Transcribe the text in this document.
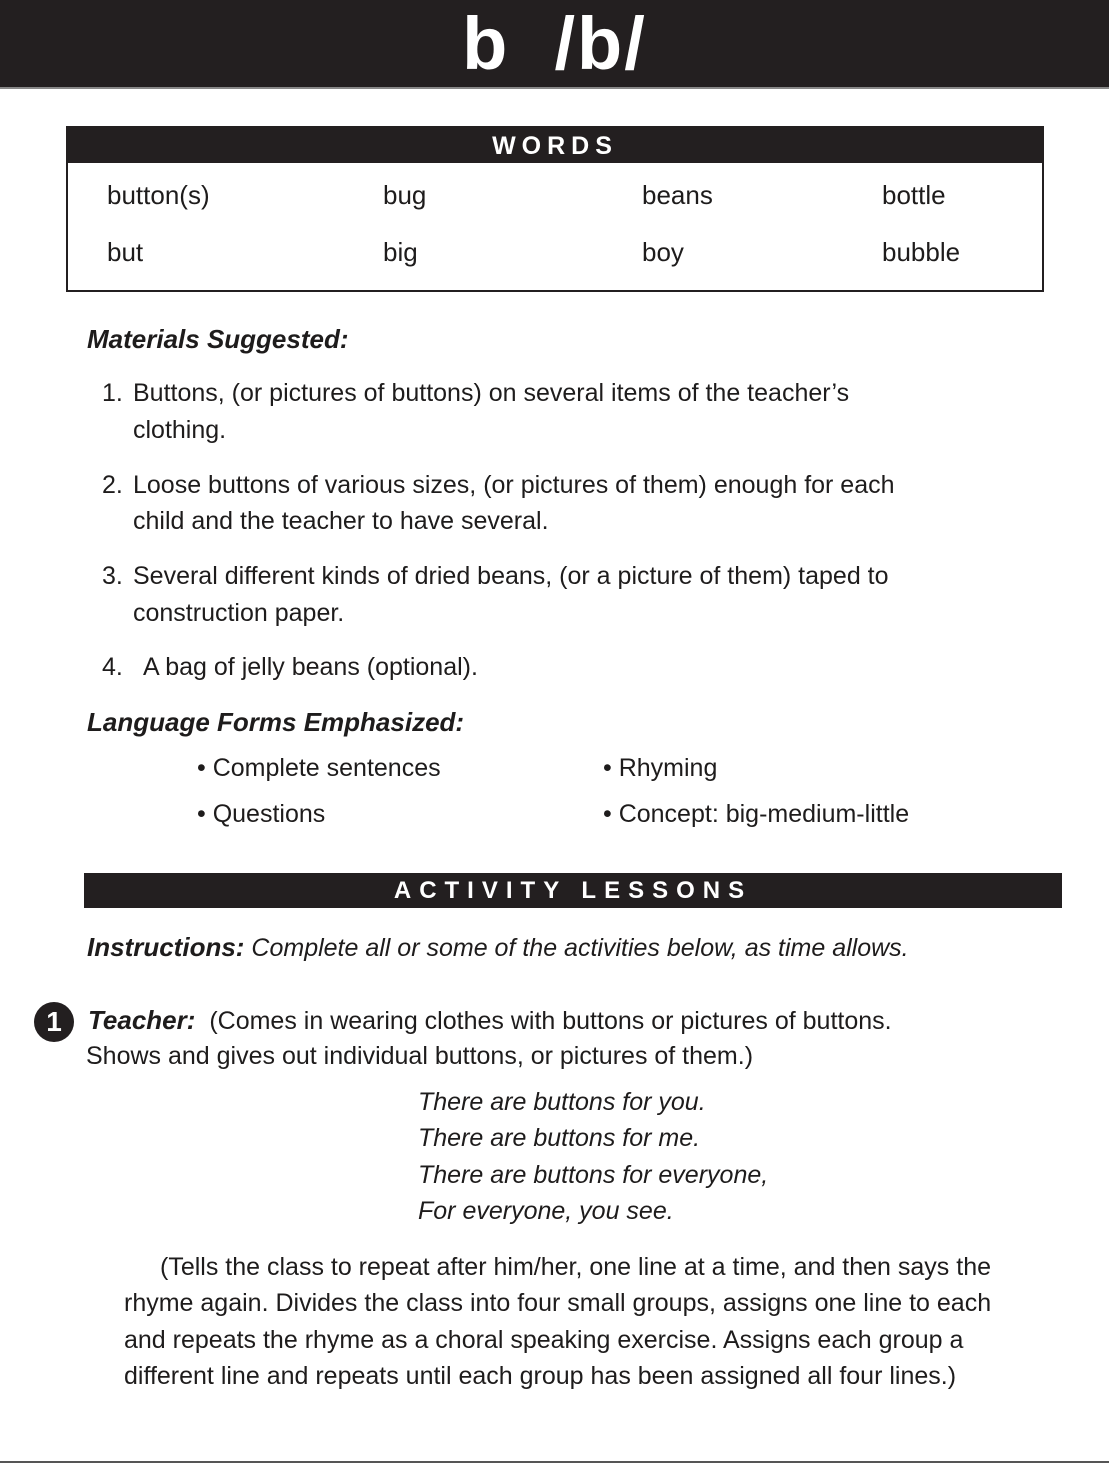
b  /b/
WORDS
button(s)	bug	beans	bottle
but	big	boy	bubble
Materials Suggested:
1. Buttons, (or pictures of buttons) on several items of the teacher’s
clothing.
2. Loose buttons of various sizes, (or pictures of them) enough for each
child and the teacher to have several.
3. Several different kinds of dried beans, (or a picture of them) taped to
construction paper.
4. A bag of jelly beans (optional).
Language Forms Emphasized:
• Complete sentences
• Questions
• Rhyming
• Concept: big-medium-little
ACTIVITY LESSONS
Instructions: Complete all or some of the activities below, as time allows.
1	Teacher: (Comes in wearing clothes with buttons or pictures of buttons.
Shows and gives out individual buttons, or pictures of them.)
There are buttons for you.
There are buttons for me.
There are buttons for everyone,
For everyone, you see.
(Tells the class to repeat after him/her, one line at a time, and then says the
rhyme again. Divides the class into four small groups, assigns one line to each
and repeats the rhyme as a choral speaking exercise. Assigns each group a
different line and repeats until each group has been assigned all four lines.)
